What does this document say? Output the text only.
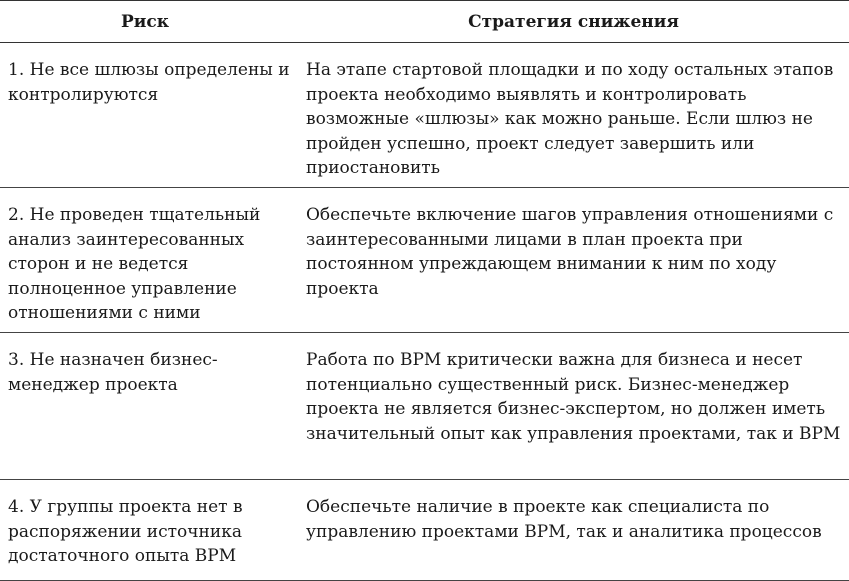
Риск	Стратегия снижения
1. Не все шлюзы определены и контролируются	На этапе стартовой площадки и по ходу остальных этапов проекта необходимо выявлять и контролировать возможные «шлюзы» как можно раньше. Если шлюз не пройден успешно, проект следует завершить или приостановить
2. Не проведен тщательный анализ заинтересованных сторон и не ведется полноценное управление отношениями с ними	Обеспечьте включение шагов управления отношениями с заинтересованными лицами в план проекта при постоянном упреждающем внимании к ним по ходу проекта
3. Не назначен бизнес-менеджер проекта	Работа по BPM критически важна для бизнеса и несет потенциально существенный риск. Бизнес-менеджер проекта не является бизнес-экспертом, но должен иметь значительный опыт как управления проектами, так и BPM
4. У группы проекта нет в распоряжении источника достаточного опыта BPM	Обеспечьте наличие в проекте как специалиста по управлению проектами BPM, так и аналитика процессов
